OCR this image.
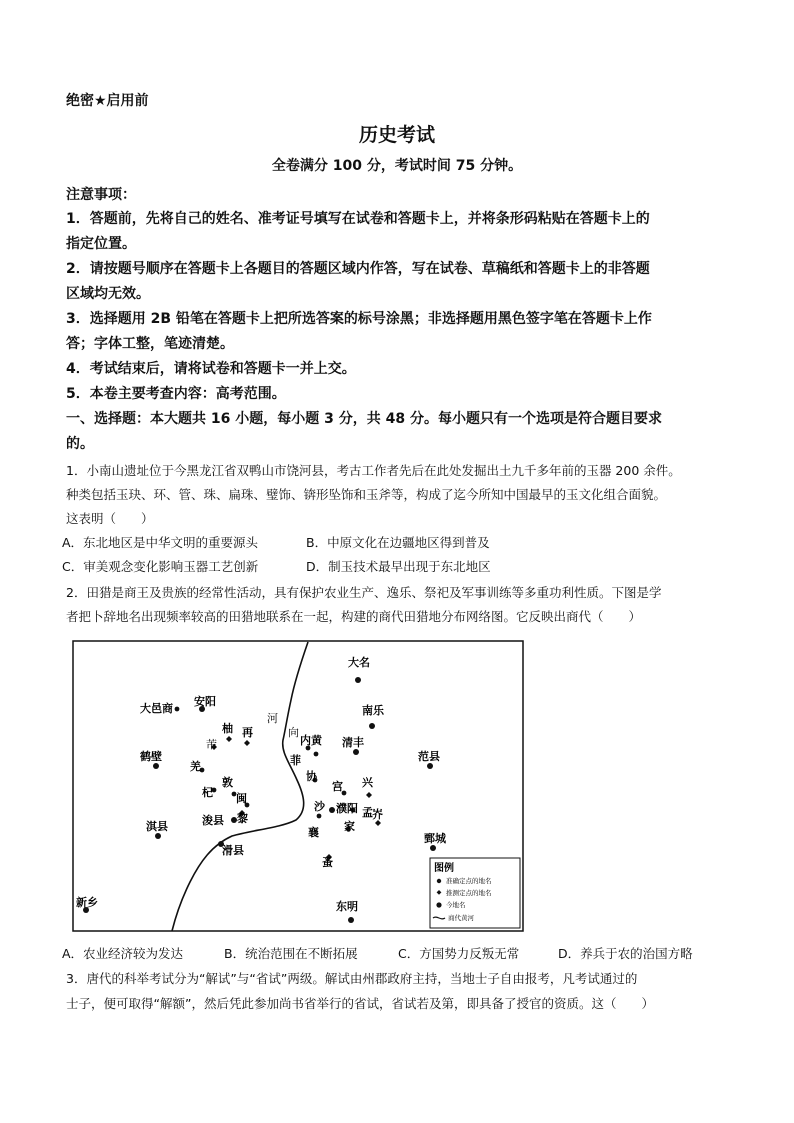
绝密★启用前
历史考试
全卷满分 100 分，考试时间 75 分钟。
注意事项：
1．答题前，先将自己的姓名、准考证号填写在试卷和答题卡上，并将条形码粘贴在答题卡上的
指定位置。
2．请按题号顺序在答题卡上各题目的答题区域内作答，写在试卷、草稿纸和答题卡上的非答题
区域均无效。
3．选择题用 2B 铅笔在答题卡上把所选答案的标号涂黑；非选择题用黑色签字笔在答题卡上作
答；字体工整，笔迹清楚。
4．考试结束后，请将试卷和答题卡一并上交。
5．本卷主要考查内容：高考范围。
一、选择题：本大题共 16 小题，每小题 3 分，共 48 分。每小题只有一个选项是符合题目要求
的。
1．小南山遗址位于今黑龙江省双鸭山市饶河县，考古工作者先后在此处发掘出土九千多年前的玉器 200 余件。
种类包括玉玦、环、管、珠、扁珠、璧饰、锛形坠饰和玉斧等，构成了迄今所知中国最早的玉文化组合面貌。
这表明（　　）
A．东北地区是中华文明的重要源头	B．中原文化在边疆地区得到普及
C．审美观念变化影响玉器工艺创新	D．制玉技术最早出现于东北地区
2．田猎是商王及贵族的经常性活动，具有保护农业生产、逸乐、祭祀及军事训练等多重功利性质。下图是学
者把卜辞地名出现频率较高的田猎地联系在一起，构建的商代田猎地分布网络图。它反映出商代（　　）
大名
南乐
安阳
大邑商
河
向
内黄
柚 再
芾
鹤壁
清丰
范县
羌	菲
敦	协
宫 兴
杞 闽
黎
沙 濮阳 孟
淇县	浚县
襄 家
岕
鄄城
滑县
蚤
东明
新乡
图例
准确定点的地名
推测定点的地名
今地名
商代黄河
A．农业经济较为发达	B．统治范围在不断拓展	C．方国势力反叛无常	D．养兵于农的治国方略
3．唐代的科举考试分为“解试”与“省试”两级。解试由州郡政府主持，当地士子自由报考，凡考试通过的
士子，便可取得“解额”，然后凭此参加尚书省举行的省试，省试若及第，即具备了授官的资质。这（　　）
